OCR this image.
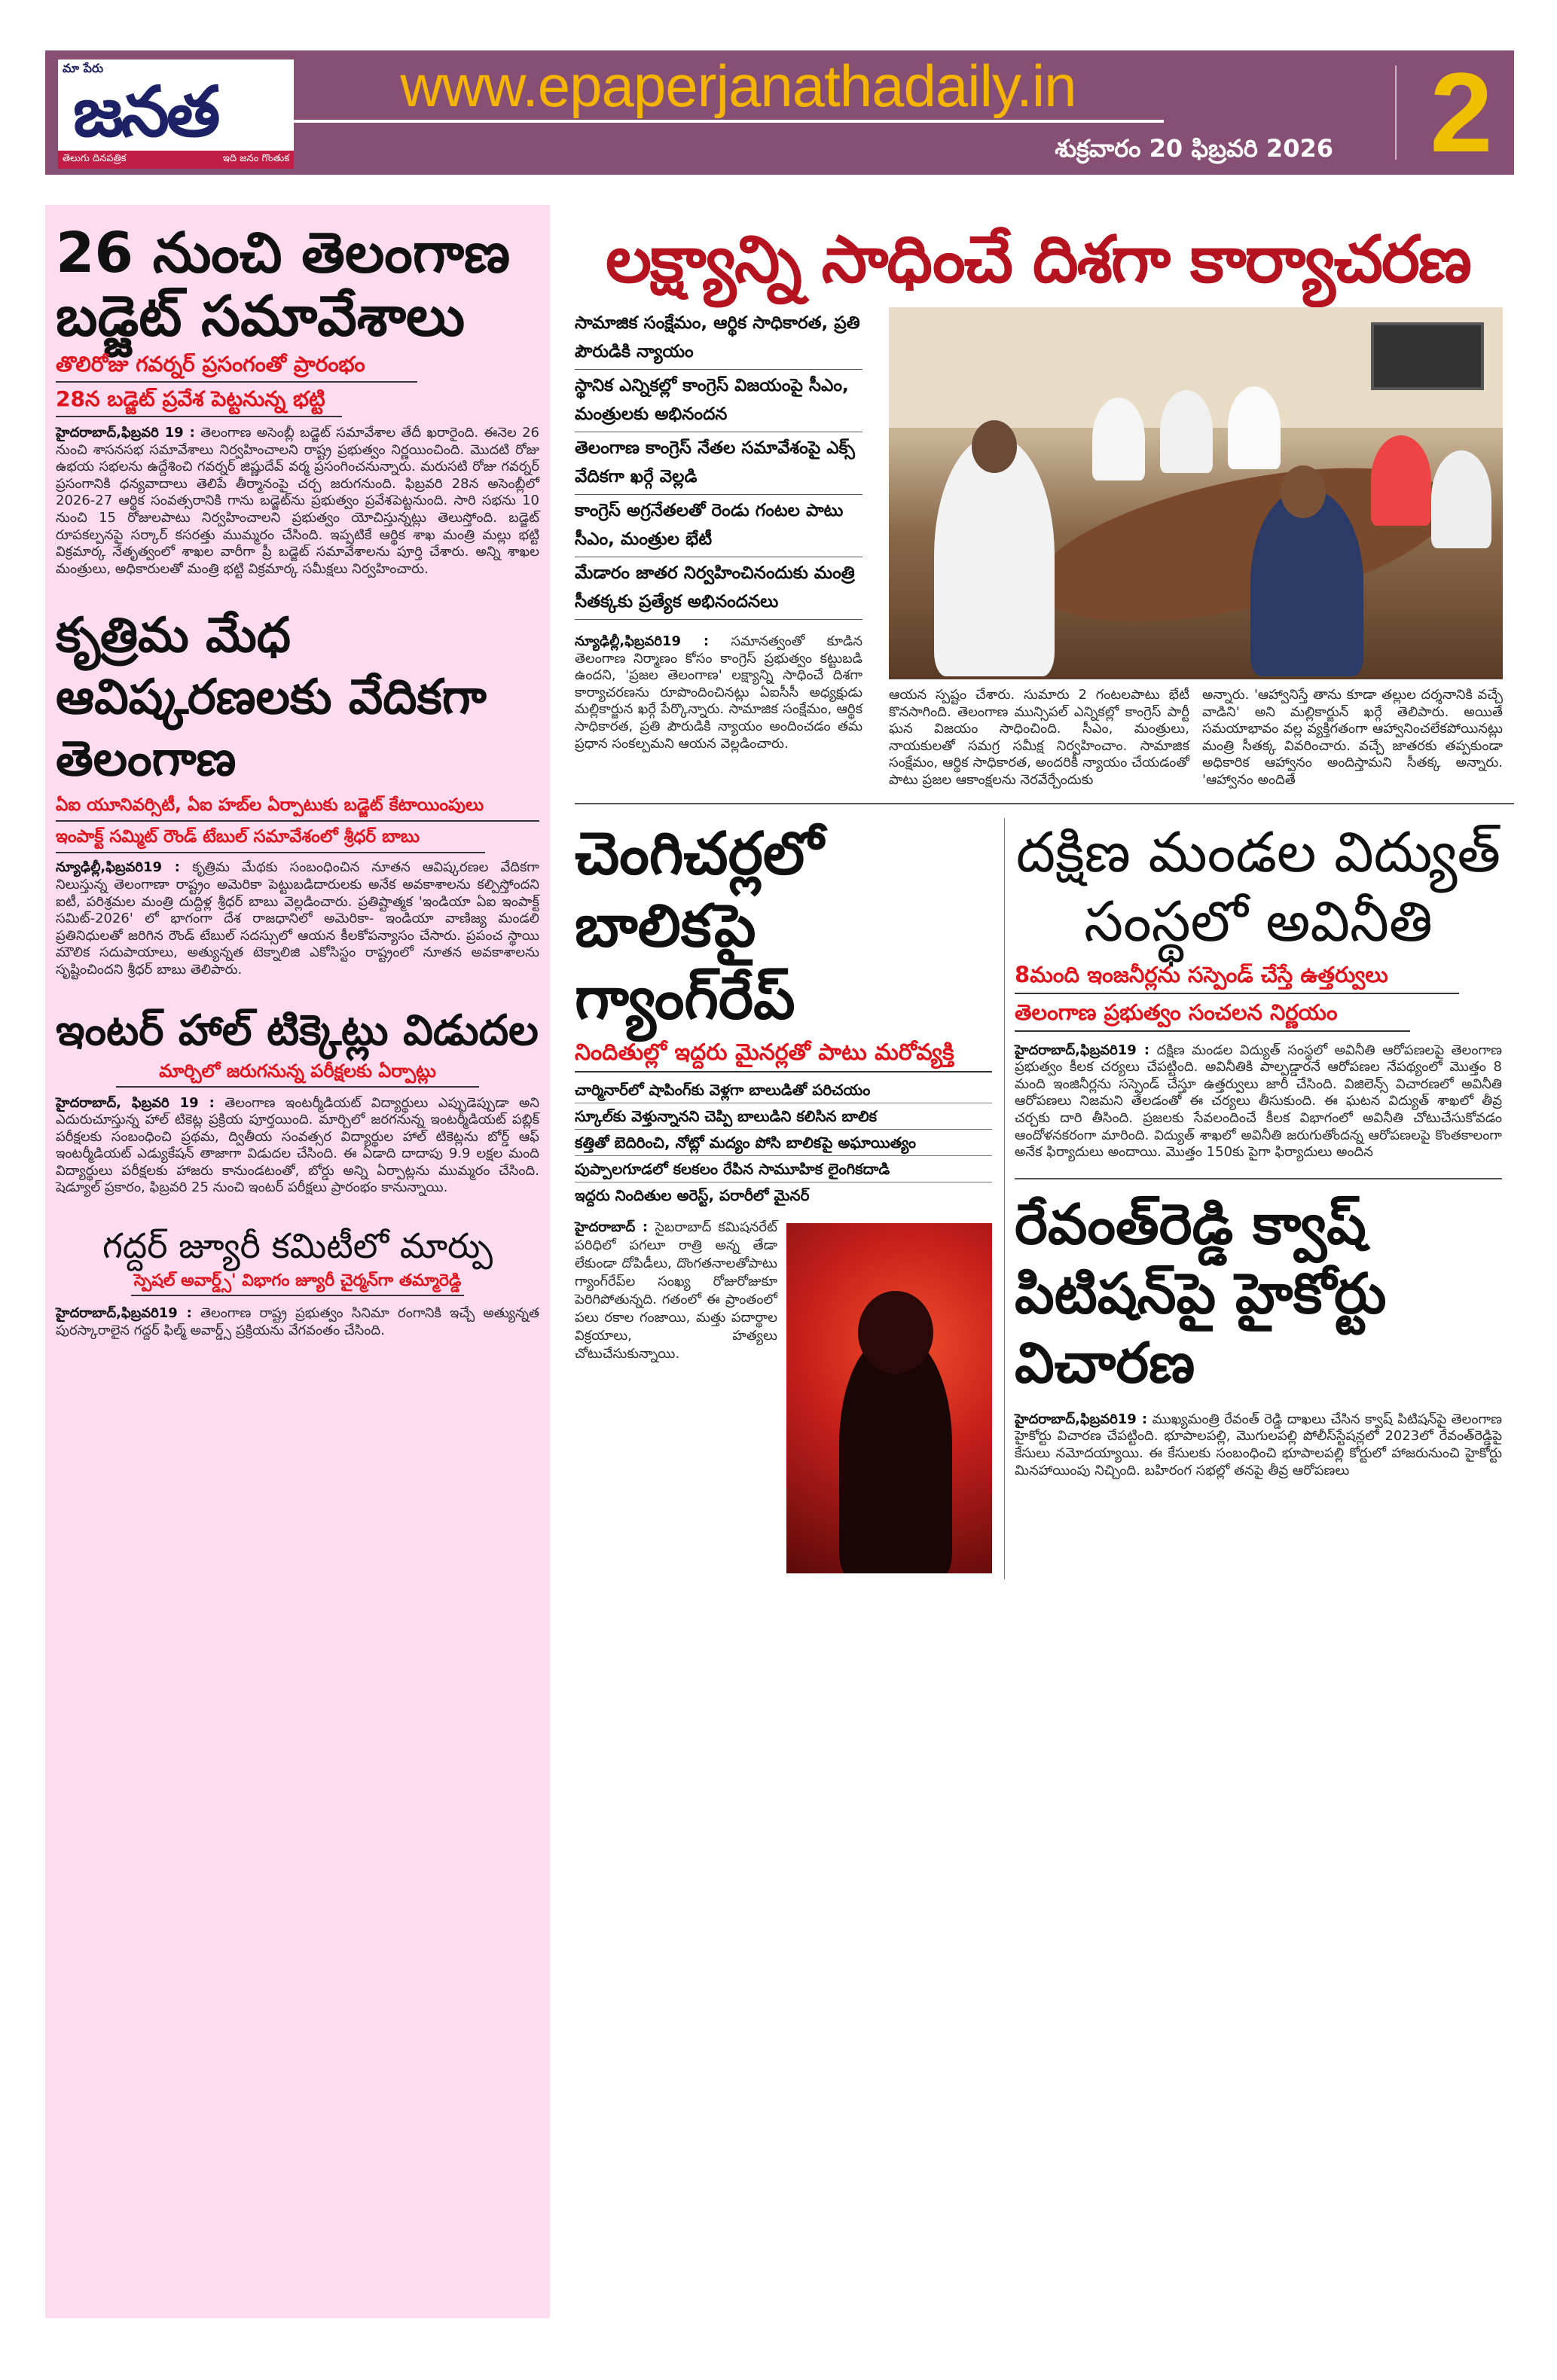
మా పేరు
జనత
తెలుగు దినపత్రిక	ఇది జనం గొంతుక
www.epaperjanathadaily.in
శుక్రవారం 20 ఫిబ్రవరి 2026 2
26 నుంచి తెలంగాణ బడ్జెట్ సమావేశాలు
తొలిరోజు గవర్నర్ ప్రసంగంతో ప్రారంభం
28న బడ్జెట్ ప్రవేశ పెట్టనున్న భట్టి

హైదరాబాద్,ఫిబ్రవరి 19 : తెలంగాణ అసెంబ్లీ బడ్జెట్ సమావేశాల తేదీ ఖరారైంది. ఈనెల 26 నుంచి శాసనసభ సమావేశాలు నిర్వహించాలని రాష్ట్ర ప్రభుత్వం నిర్ణయించింది. మొదటి రోజు ఉభయ సభలను ఉద్దేశించి గవర్నర్ జిష్ణుదేవ్ వర్మ ప్రసంగించనున్నారు. మరుసటి రోజు గవర్నర్ ప్రసంగానికి ధన్యవాదాలు తెలిపే తీర్మానంపై చర్చ జరుగనుంది. ఫిబ్రవరి 28న అసెంబ్లీలో 2026-27 ఆర్థిక సంవత్సరానికి గాను బడ్జెట్‌ను ప్రభుత్వం ప్రవేశపెట్టనుంది. సారి సభను 10 నుంచి 15 రోజులపాటు నిర్వహించాలని ప్రభుత్వం యోచిస్తున్నట్లు తెలుస్తోంది. బడ్జెట్ రూపకల్పనపై సర్కార్ కసరత్తు ముమ్మరం చేసింది. ఇప్పటికే ఆర్థిక శాఖ మంత్రి మల్లు భట్టి విక్రమార్క నేతృత్వంలో శాఖల వారీగా ప్రీ బడ్జెట్ సమావేశాలను పూర్తి చేశారు. అన్ని శాఖల మంత్రులు, అధికారులతో మంత్రి భట్టి విక్రమార్క సమీక్షలు నిర్వహించారు.

కృత్రిమ మేధ ఆవిష్కరణలకు వేదికగా తెలంగాణ
ఏఐ యూనివర్సిటీ, ఏఐ హబ్‌ల ఏర్పాటుకు బడ్జెట్ కేటాయింపులు
ఇంపాక్ట్ సమ్మిట్ రౌండ్ టేబుల్ సమావేశంలో శ్రీధర్ బాబు

న్యూఢిల్లీ,ఫిబ్రవరి19 : కృత్రిమ మేథకు సంబంధించిన నూతన ఆవిష్కరణల వేదికగా నిలుస్తున్న తెలంగాణా రాష్ట్రం అమెరికా పెట్టుబడిదారులకు అనేక అవకాశాలను కల్పిస్తోందని ఐటీ, పరిశ్రమల మంత్రి దుద్దిళ్ల శ్రీధర్ బాబు వెల్లడించారు. ప్రతిష్టాత్మక 'ఇండియా ఏఐ ఇంపాక్ట్ సమిట్-2026' లో భాగంగా దేశ రాజధానిలో అమెరికా- ఇండియా వాణిజ్య మండలి ప్రతినిధులతో జరిగిన రౌండ్ టేబుల్ సదస్సులో ఆయన కీలకోపన్యాసం చేసారు. ప్రపంచ స్థాయి మౌలిక సదుపాయాలు, అత్యున్నత టెక్నాలిజి ఎకోసిస్టం రాష్ట్రంలో నూతన అవకాశాలను సృష్టించిందని శ్రీధర్ బాబు తెలిపారు.

ఇంటర్ హాల్ టిక్కెట్లు విడుదల
మార్చిలో జరుగనున్న పరీక్షలకు ఏర్పాట్లు

హైదరాబాద్, ఫిబ్రవరి 19 : తెలంగాణ ఇంటర్మీడియట్ విద్యార్థులు ఎప్పుడెప్పుడా అని ఎదురుచూస్తున్న హాల్ టికెట్ల ప్రక్రియ పూర్తయింది. మార్చిలో జరగనున్న ఇంటర్మీడియట్ పబ్లిక్ పరీక్షలకు సంబంధించి ప్రథమ, ద్వితీయ సంవత్సర విద్యార్థుల హాల్ టికెట్లను బోర్డ్ ఆఫ్ ఇంటర్మీడియట్ ఎడ్యుకేషన్ తాజాగా విడుదల చేసింది. ఈ ఏడాది దాదాపు 9.9 లక్షల మంది విద్యార్థులు పరీక్షలకు హాజరు కానుండటంతో, బోర్డు అన్ని ఏర్పాట్లను ముమ్మరం చేసింది. షెడ్యూల్ ప్రకారం, ఫిబ్రవరి 25 నుంచి ఇంటర్ పరీక్షలు ప్రారంభం కానున్నాయి.

గద్దర్ జ్యూరీ కమిటీలో మార్పు
స్పెషల్ అవార్డ్స్' విభాగం జ్యూరీ చైర్మన్‌గా తమ్మారెడ్డి

హైదరాబాద్,ఫిబ్రవరి19 : తెలంగాణ రాష్ట్ర ప్రభుత్వం సినిమా రంగానికి ఇచ్చే అత్యున్నత పురస్కారాలైన గద్దర్ ఫిల్మ్ అవార్డ్స్ ప్రక్రియను వేగవంతం చేసింది.

లక్ష్యాన్ని సాధించే దిశగా కార్యాచరణ
సామాజిక సంక్షేమం, ఆర్థిక సాధికారత, ప్రతి పౌరుడికి న్యాయం
స్థానిక ఎన్నికల్లో కాంగ్రెస్ విజయంపై సీఎం, మంత్రులకు అభినందన
తెలంగాణ కాంగ్రెస్ నేతల సమావేశంపై ఎక్స్ వేదికగా ఖర్గే వెల్లడి
కాంగ్రెస్ అగ్రనేతలతో రెండు గంటల పాటు సీఎం, మంత్రుల భేటీ
మేడారం జాతర నిర్వహించినందుకు మంత్రి సీతక్కకు ప్రత్యేక అభినందనలు

న్యూఢిల్లీ,ఫిబ్రవరి19 : సమానత్వంతో కూడిన తెలంగాణ నిర్మాణం కోసం కాంగ్రెస్ ప్రభుత్వం కట్టుబడి ఉందని, 'ప్రజల తెలంగాణ' లక్ష్యాన్ని సాధించే దిశగా కార్యాచరణను రూపొందించినట్లు ఏఐసీసీ అధ్యక్షుడు మల్లికార్జున ఖర్గే పేర్కొన్నారు. సామాజిక సంక్షేమం, ఆర్థిక సాధికారత, ప్రతి పౌరుడికి న్యాయం అందించడం తమ ప్రధాన సంకల్పమని ఆయన వెల్లడించారు.

ఆయన స్పష్టం చేశారు. సుమారు 2 గంటలపాటు భేటీ కొనసాగింది. తెలంగాణ మున్సిపల్ ఎన్నికల్లో కాంగ్రెస్ పార్టీ ఘన విజయం సాధించింది. సీఎం, మంత్రులు, నాయకులతో సమగ్ర సమీక్ష నిర్వహించాం. సామాజిక సంక్షేమం, ఆర్థిక సాధికారత, అందరికీ న్యాయం చేయడంతో పాటు ప్రజల ఆకాంక్షలను నెరవేర్చేందుకు

అన్నారు. 'ఆహ్వానిస్తే తాను కూడా తల్లుల దర్శనానికి వచ్చే వాడిని' అని మల్లికార్జున్ ఖర్గే తెలిపారు. అయితే సమయాభావం వల్ల వ్యక్తిగతంగా ఆహ్వానించలేకపోయినట్లు మంత్రి సీతక్క వివరించారు. వచ్చే జాతరకు తప్పకుండా అధికారిక ఆహ్వానం అందిస్తామని సీతక్క అన్నారు. 'ఆహ్వానం అందితే

చెంగిచర్లలో బాలికపై గ్యాంగ్‌రేప్
నిందితుల్లో ఇద్దరు మైనర్లతో పాటు మరోవ్యక్తి
చార్మినార్‌లో షాపింగ్‌కు వెళ్లగా బాలుడితో పరిచయం
స్కూల్‌కు వెళ్తున్నానని చెప్పి బాలుడిని కలిసిన బాలిక
కత్తితో బెదిరించి, నోట్లో మద్యం పోసి బాలికపై అఘాయిత్యం
పుప్పాలగూడలో కలకలం రేపిన సామూహిక లైంగికదాడి
ఇద్దరు నిందితుల అరెస్ట్, పరారీలో మైనర్

హైదరాబాద్ : సైబరాబాద్ కమిషనరేట్ పరిధిలో పగలూ రాత్రి అన్న తేడా లేకుండా దోపిడీలు, దొంగతనాలతోపాటు గ్యాంగ్‌రేప్‌ల సంఖ్య రోజురోజుకూ పెరిగిపోతున్నది. గతంలో ఈ ప్రాంతంలో పలు రకాల గంజాయి, మత్తు పదార్థాల విక్రయాలు, హత్యలు చోటుచేసుకున్నాయి.

దక్షిణ మండల విద్యుత్ సంస్థలో అవినీతి
8మంది ఇంజనీర్లను సస్పెండ్ చేస్తే ఉత్తర్వులు
తెలంగాణ ప్రభుత్వం సంచలన నిర్ణయం

హైదరాబాద్,ఫిబ్రవరి19 : దక్షిణ మండల విద్యుత్ సంస్థలో అవినీతి ఆరోపణలపై తెలంగాణ ప్రభుత్వం కీలక చర్యలు చేపట్టింది. అవినీతికి పాల్పడ్డారనే ఆరోపణల నేపథ్యంలో మొత్తం 8 మంది ఇంజినీర్లను సస్పెండ్ చేస్తూ ఉత్తర్వులు జారీ చేసింది. విజిలెన్స్ విచారణలో అవినీతి ఆరోపణలు నిజమని తేలడంతో ఈ చర్యలు తీసుకుంది. ఈ ఘటన విద్యుత్ శాఖలో తీవ్ర చర్చకు దారి తీసింది. ప్రజలకు సేవలందించే కీలక విభాగంలో అవినీతి చోటుచేసుకోవడం ఆందోళనకరంగా మారింది. విద్యుత్ శాఖలో అవినీతి జరుగుతోందన్న ఆరోపణలపై కొంతకాలంగా అనేక ఫిర్యాదులు అందాయి. మొత్తం 150కు పైగా ఫిర్యాదులు అందిన

రేవంత్‌రెడ్డి క్వాష్ పిటిషన్‌పై హైకోర్టు విచారణ

హైదరాబాద్,ఫిబ్రవరి19 : ముఖ్యమంత్రి రేవంత్ రెడ్డి దాఖలు చేసిన క్వాష్ పిటిషన్‌పై తెలంగాణ హైకోర్టు విచారణ చేపట్టింది. భూపాలపల్లి, మొగులపల్లి పోలీస్‌స్టేషన్లలో 2023లో రేవంత్‌రెడ్డిపై కేసులు నమోదయ్యాయి. ఈ కేసులకు సంబంధించి భూపాలపల్లి కోర్టులో హాజరునుంచి హైకోర్టు మినహాయింపు నిచ్చింది. బహిరంగ సభల్లో తనపై తీవ్ర ఆరోపణలు
